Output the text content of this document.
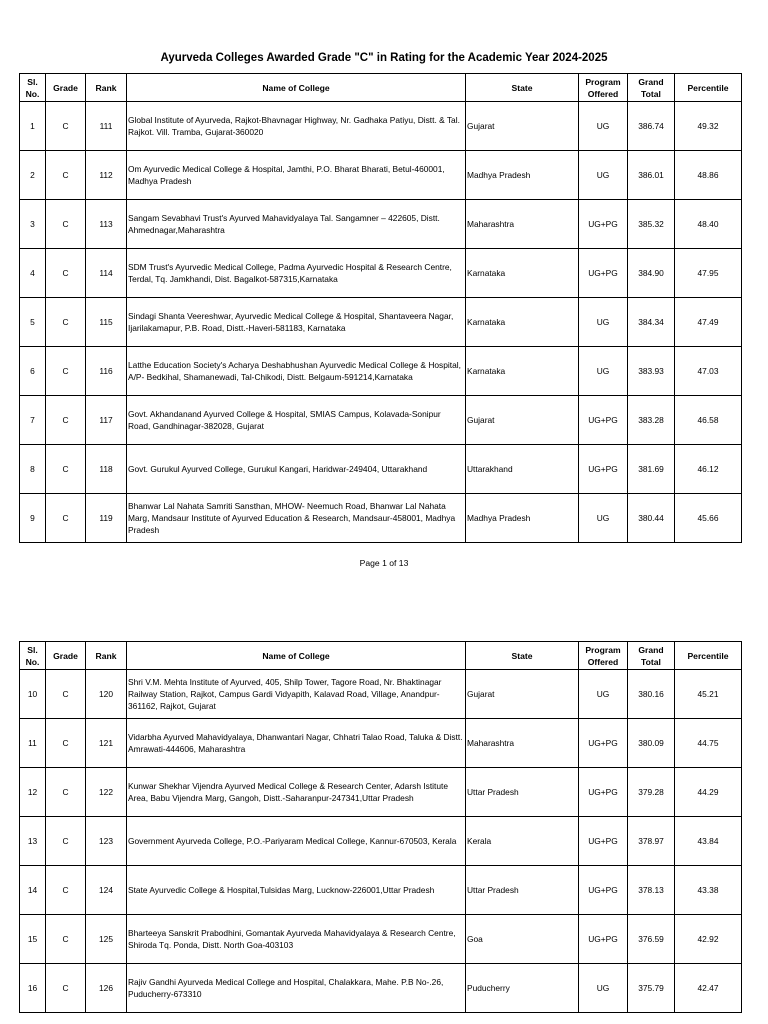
Ayurveda Colleges Awarded Grade "C" in Rating for the Academic Year 2024-2025
Sl. No.	Grade	Rank	Name of College	State	Program Offered	Grand Total	Percentile
1	C	111	Global Institute of Ayurveda, Rajkot-Bhavnagar Highway, Nr. Gadhaka Patiyu, Distt. & Tal. Rajkot. Vill. Tramba, Gujarat-360020	Gujarat	UG	386.74	49.32
2	C	112	Om Ayurvedic Medical College & Hospital, Jamthi, P.O. Bharat Bharati, Betul-460001, Madhya Pradesh	Madhya Pradesh	UG	386.01	48.86
3	C	113	Sangam Sevabhavi Trust's Ayurved Mahavidyalaya Tal. Sangamner – 422605, Distt. Ahmednagar,Maharashtra	Maharashtra	UG+PG	385.32	48.40
4	C	114	SDM Trust's Ayurvedic Medical College, Padma Ayurvedic Hospital & Research Centre, Terdal, Tq. Jamkhandi, Dist. Bagalkot-587315,Karnataka	Karnataka	UG+PG	384.90	47.95
5	C	115	Sindagi Shanta Veereshwar, Ayurvedic Medical College & Hospital, Shantaveera Nagar, Ijarilakamapur, P.B. Road, Distt.-Haveri-581183, Karnataka	Karnataka	UG	384.34	47.49
6	C	116	Latthe Education Society's Acharya Deshabhushan Ayurvedic Medical College & Hospital, A/P- Bedkihal, Shamanewadi, Tal-Chikodi, Distt. Belgaum-591214,Karnataka	Karnataka	UG	383.93	47.03
7	C	117	Govt. Akhandanand Ayurved College & Hospital, SMIAS Campus, Kolavada-Sonipur Road, Gandhinagar-382028, Gujarat	Gujarat	UG+PG	383.28	46.58
8	C	118	Govt. Gurukul Ayurved College, Gurukul Kangari, Haridwar-249404, Uttarakhand	Uttarakhand	UG+PG	381.69	46.12
9	C	119	Bhanwar Lal Nahata Samriti Sansthan, MHOW- Neemuch Road, Bhanwar Lal Nahata Marg, Mandsaur Institute of Ayurved Education & Research, Mandsaur-458001, Madhya Pradesh	Madhya Pradesh	UG	380.44	45.66
Page 1 of 13
Sl. No.	Grade	Rank	Name of College	State	Program Offered	Grand Total	Percentile
10	C	120	Shri V.M. Mehta Institute of Ayurved, 405, Shilp Tower, Tagore Road, Nr. Bhaktinagar Railway Station, Rajkot, Campus Gardi Vidyapith, Kalavad Road, Village, Anandpur-361162, Rajkot, Gujarat	Gujarat	UG	380.16	45.21
11	C	121	Vidarbha Ayurved Mahavidyalaya, Dhanwantari Nagar, Chhatri Talao Road, Taluka & Distt. Amrawati-444606, Maharashtra	Maharashtra	UG+PG	380.09	44.75
12	C	122	Kunwar Shekhar Vijendra Ayurved Medical College & Research Center, Adarsh Istitute Area, Babu Vijendra Marg, Gangoh, Distt.-Saharanpur-247341,Uttar Pradesh	Uttar Pradesh	UG+PG	379.28	44.29
13	C	123	Government Ayurveda College, P.O.-Pariyaram Medical College, Kannur-670503, Kerala	Kerala	UG+PG	378.97	43.84
14	C	124	State Ayurvedic College & Hospital,Tulsidas Marg, Lucknow-226001,Uttar Pradesh	Uttar Pradesh	UG+PG	378.13	43.38
15	C	125	Bharteeya Sanskrit Prabodhini, Gomantak Ayurveda Mahavidyalaya & Research Centre, Shiroda Tq. Ponda, Distt. North Goa-403103	Goa	UG+PG	376.59	42.92
16	C	126	Rajiv Gandhi Ayurveda Medical College and Hospital, Chalakkara, Mahe. P.B No-.26, Puducherry-673310	Puducherry	UG	375.79	42.47
